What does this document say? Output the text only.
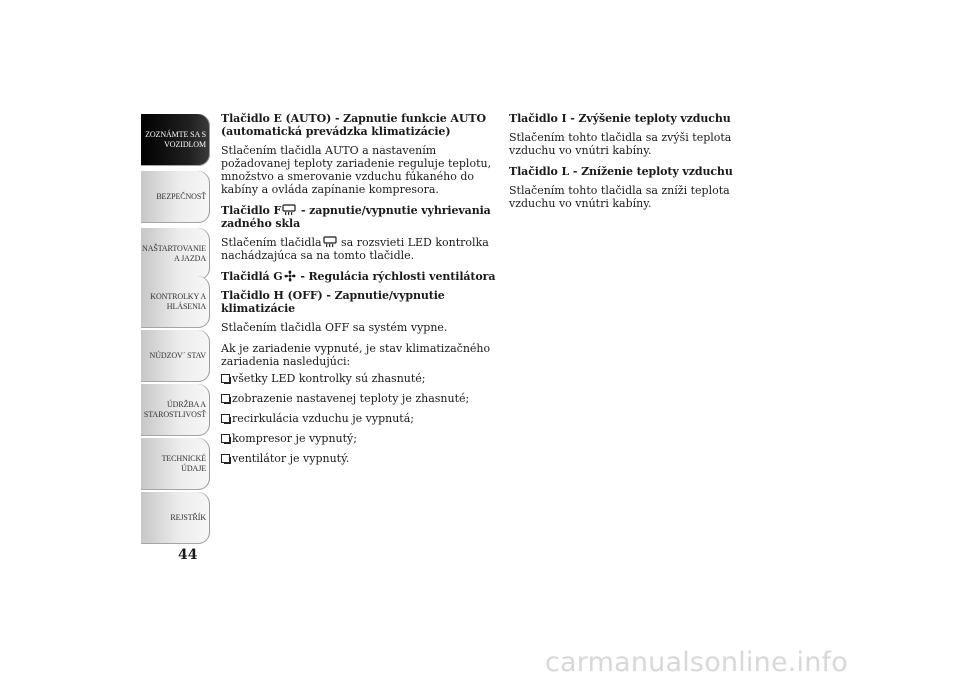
ZOZNÁMTE SA S
VOZIDLOM
BEZPEČNOSŤ
NAŠTARTOVANIE
A JAZDA
KONTROLKY A
HLÁSENIA
NÚDZOV´ STAV
ÚDRŽBA A
STAROSTLIVOSŤ
TECHNICKÉ
ÚDAJE
REJSTŘÍK
44

Tlačidlo E (AUTO) - Zapnutie funkcie AUTO (automatická prevádzka klimatizácie)

Stlačením tlačidla AUTO a nastavením požadovanej teploty zariadenie reguluje teplotu, množstvo a smerovanie vzduchu fúkaného do kabíny a ovláda zapínanie kompresora.

Tlačidlo F - zapnutie/vypnutie vyhrievania zadného skla

Stlačením tlačidla sa rozsvieti LED kontrolka nachádzajúca sa na tomto tlačidle.

Tlačidlá G - Regulácia rýchlosti ventilátora

Tlačidlo H (OFF) - Zapnutie/vypnutie klimatizácie

Stlačením tlačidla OFF sa systém vypne.

Ak je zariadenie vypnuté, je stav klimatizačného zariadenia nasledujúci:

všetky LED kontrolky sú zhasnuté;
zobrazenie nastavenej teploty je zhasnuté;
recirkulácia vzduchu je vypnutá;
kompresor je vypnutý;
ventilátor je vypnutý.

Tlačidlo I - Zvýšenie teploty vzduchu

Stlačením tohto tlačidla sa zvýši teplota vzduchu vo vnútri kabíny.

Tlačidlo L - Zníženie teploty vzduchu

Stlačením tohto tlačidla sa zníži teplota vzduchu vo vnútri kabíny.

carmanualsonline.info
